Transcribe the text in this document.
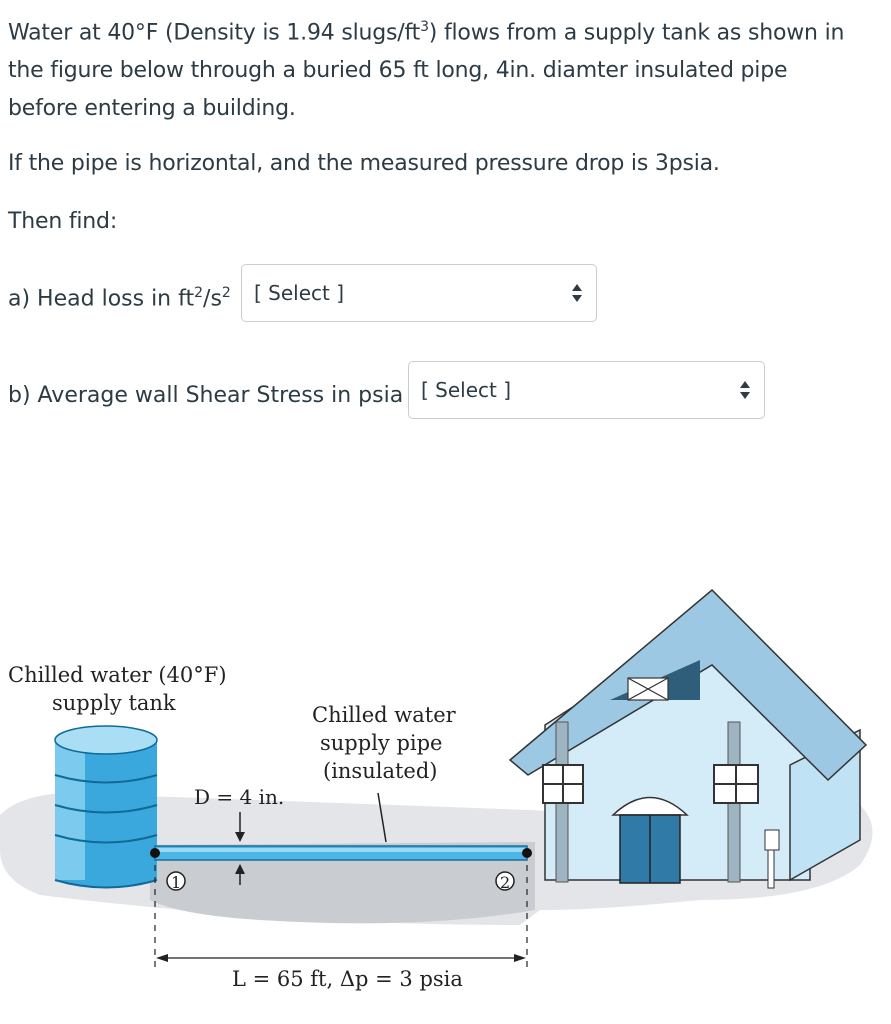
Water at 40°F (Density is 1.94 slugs/$ft^3$) flows from a supply tank as shown in
the figure below through a buried 65 ft long, 4in. diamter insulated pipe
before entering a building.
If the pipe is horizontal, and the measured pressure drop is 3psia.
Then find:
a) Head loss in $ft^2/s^2$ [ Select ]
b) Average wall Shear Stress in psia [ Select ]
Chilled water (40°F)
supply tank	Chilled water
supply pipe
(insulated)
D = 4 in.
1	2
L = 65 ft, Δp = 3 psia
